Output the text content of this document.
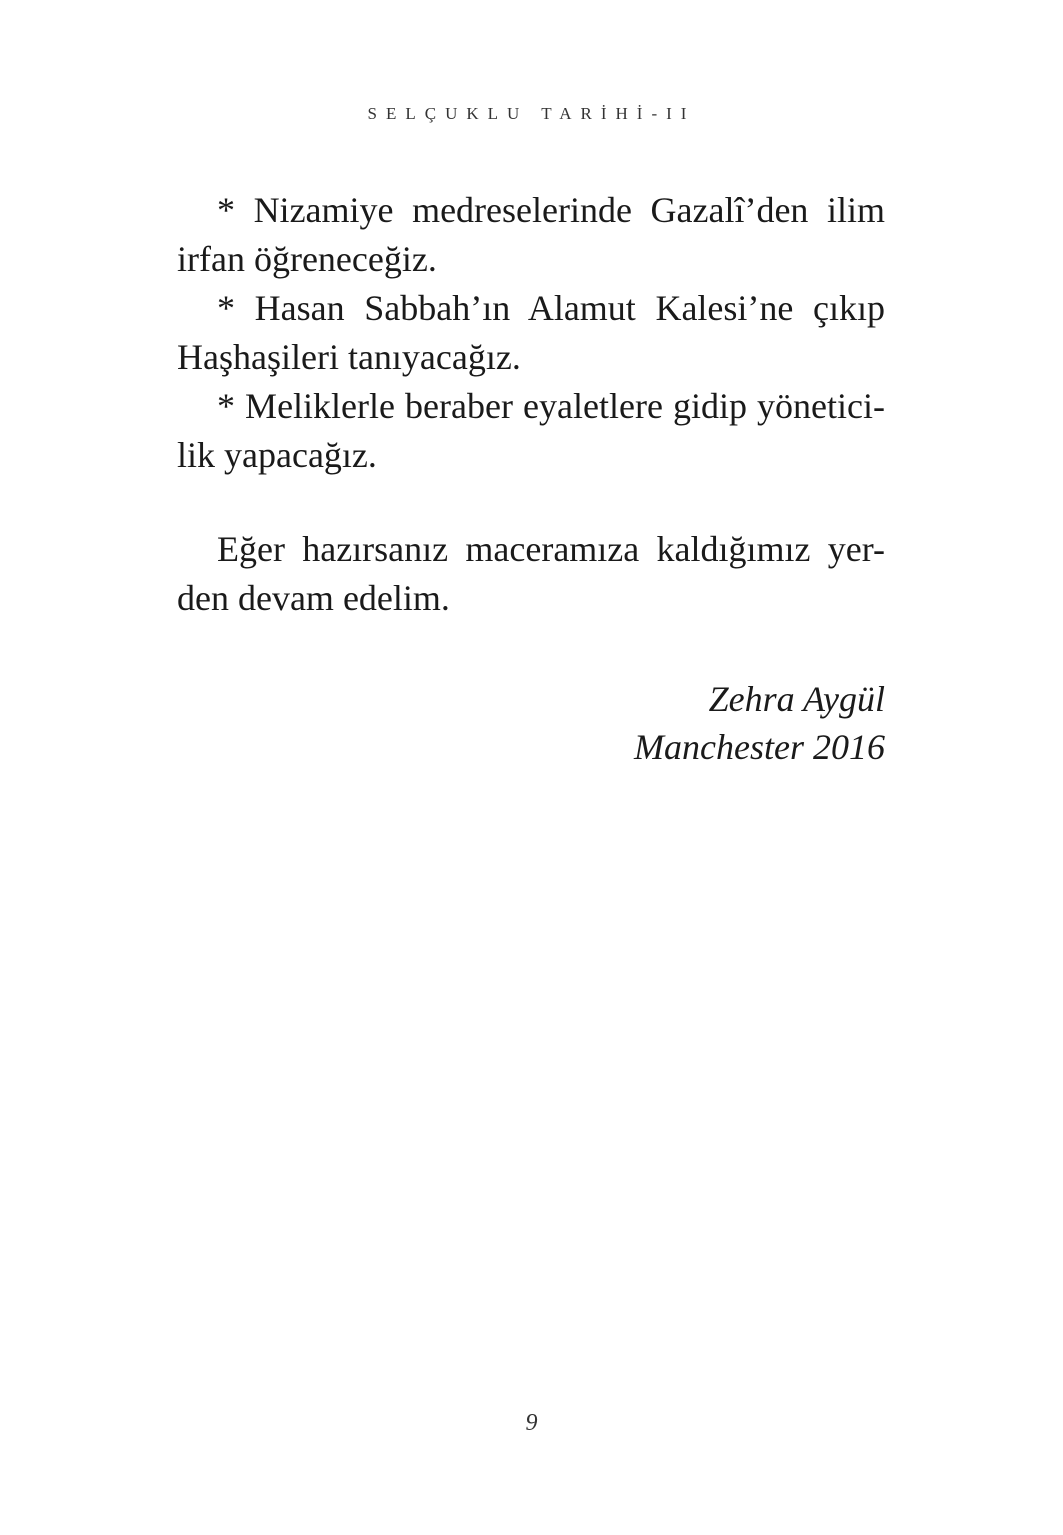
SELÇUKLU TARİHİ-II

* Nizamiye medreselerinde Gazalî’den ilim
irfan öğreneceğiz.

* Hasan Sabbah’ın Alamut Kalesi’ne çıkıp
Haşhaşileri tanıyacağız.

* Meliklerle beraber eyaletlere gidip yönetici-
lik yapacağız.

Eğer hazırsanız maceramıza kaldığımız yer-
den devam edelim.

Zehra Aygül
Manchester 2016
9
